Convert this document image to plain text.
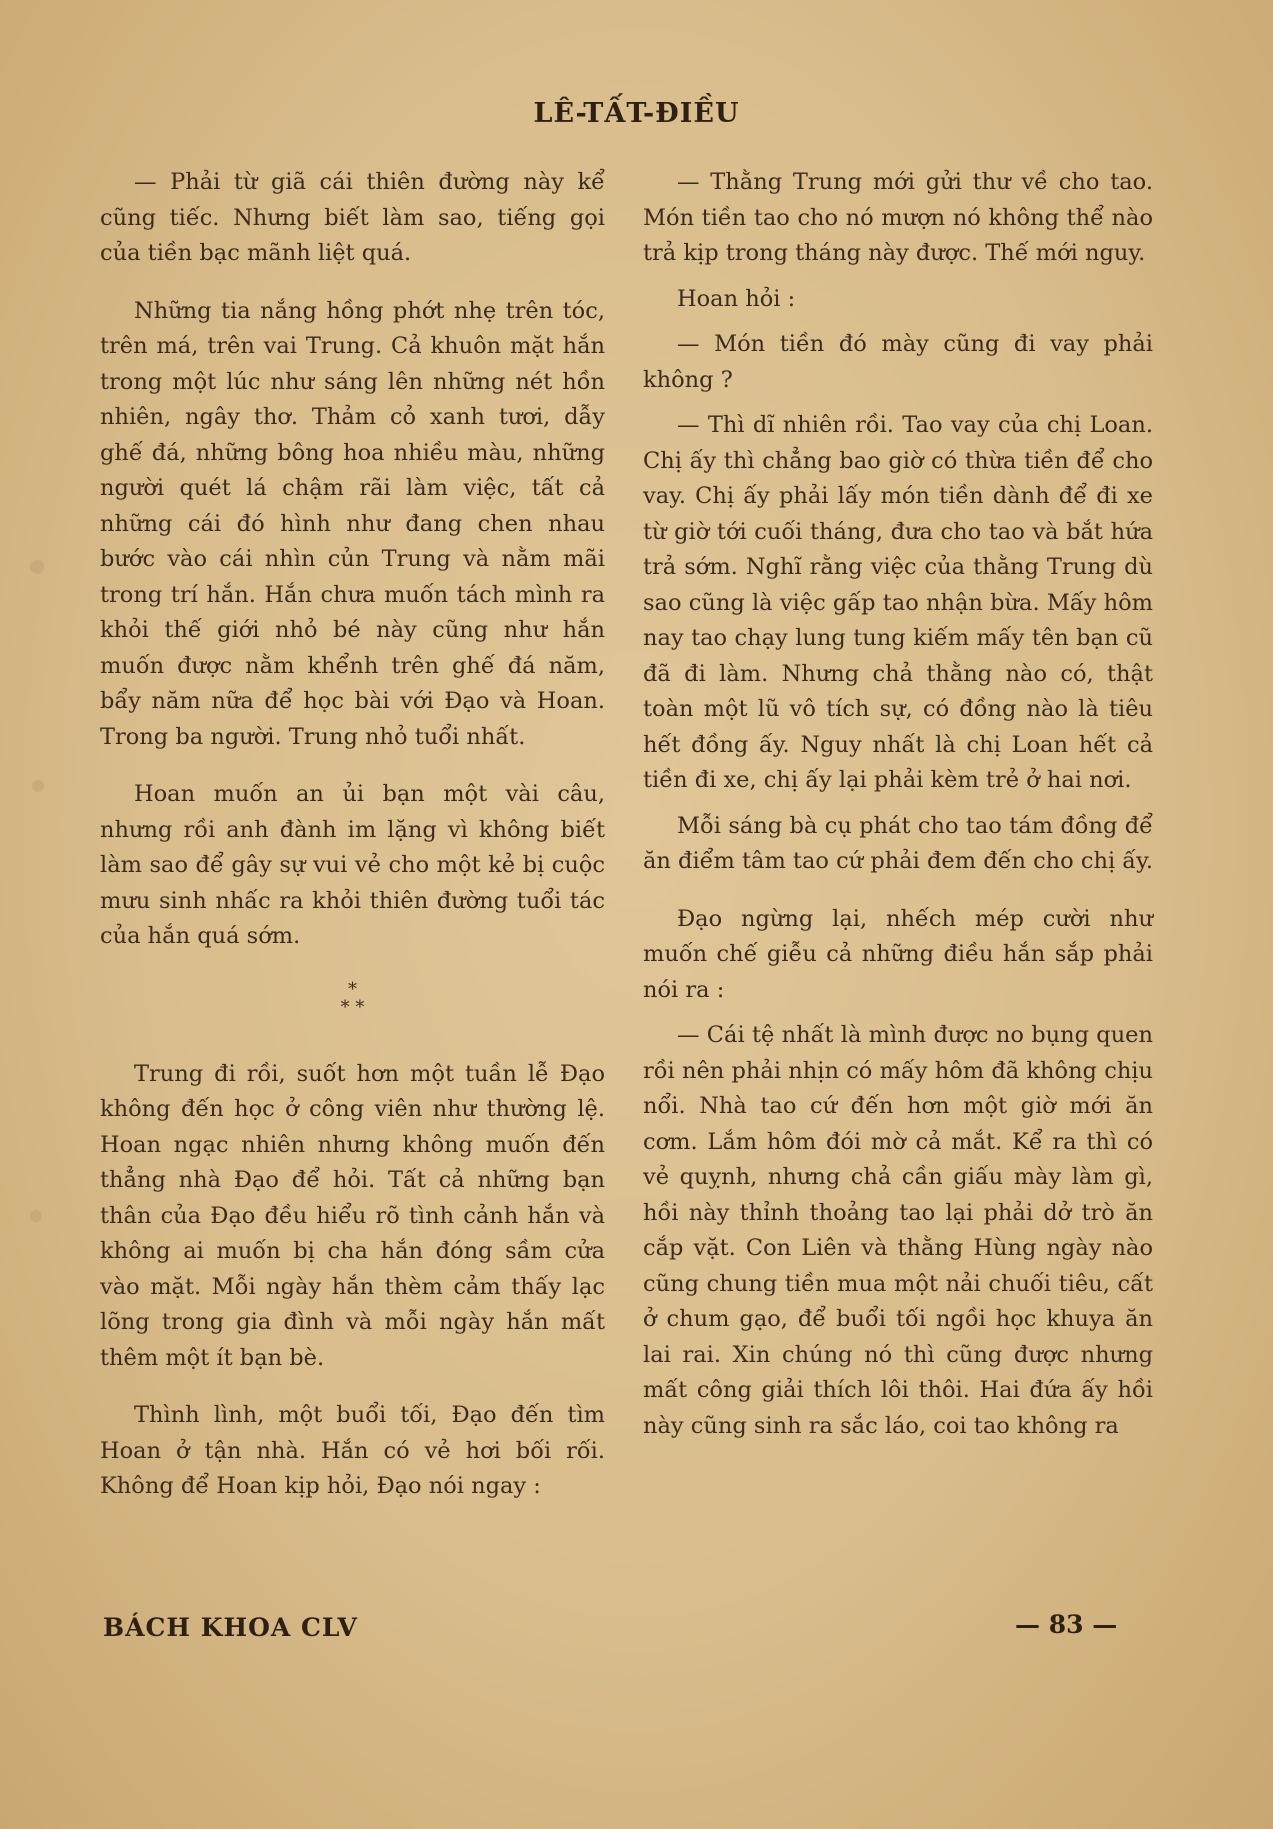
LÊ-TẤT-ĐIỀU

— Phải từ giã cái thiên đường này kể cũng tiếc. Nhưng biết làm sao, tiếng gọi của tiền bạc mãnh liệt quá.

Những tia nắng hồng phớt nhẹ trên tóc, trên má, trên vai Trung. Cả khuôn mặt hắn trong một lúc như sáng lên những nét hồn nhiên, ngây thơ. Thảm cỏ xanh tươi, dẫy ghế đá, những bông hoa nhiều màu, những người quét lá chậm rãi làm việc, tất cả những cái đó hình như đang chen nhau bước vào cái nhìn củn Trung và nằm mãi trong trí hắn. Hắn chưa muốn tách mình ra khỏi thế giới nhỏ bé này cũng như hắn muốn được nằm khểnh trên ghế đá năm, bẩy năm nữa để học bài với Đạo và Hoan. Trong ba người. Trung nhỏ tuổi nhất.

Hoan muốn an ủi bạn một vài câu, nhưng rồi anh đành im lặng vì không biết làm sao để gây sự vui vẻ cho một kẻ bị cuộc mưu sinh nhấc ra khỏi thiên đường tuổi tác của hắn quá sớm.

*
* *

Trung đi rồi, suốt hơn một tuần lễ Đạo không đến học ở công viên như thường lệ. Hoan ngạc nhiên nhưng không muốn đến thẳng nhà Đạo để hỏi. Tất cả những bạn thân của Đạo đều hiểu rõ tình cảnh hắn và không ai muốn bị cha hắn đóng sầm cửa vào mặt. Mỗi ngày hắn thèm cảm thấy lạc lõng trong gia đình và mỗi ngày hắn mất thêm một ít bạn bè.

Thình lình, một buổi tối, Đạo đến tìm Hoan ở tận nhà. Hắn có vẻ hơi bối rối. Không để Hoan kịp hỏi, Đạo nói ngay :

— Thằng Trung mới gửi thư về cho tao. Món tiền tao cho nó mượn nó không thể nào trả kịp trong tháng này được. Thế mới nguy.

Hoan hỏi :

— Món tiền đó mày cũng đi vay phải không ?

— Thì dĩ nhiên rồi. Tao vay của chị Loan. Chị ấy thì chẳng bao giờ có thừa tiền để cho vay. Chị ấy phải lấy món tiền dành để đi xe từ giờ tới cuối tháng, đưa cho tao và bắt hứa trả sớm. Nghĩ rằng việc của thằng Trung dù sao cũng là việc gấp tao nhận bừa. Mấy hôm nay tao chạy lung tung kiếm mấy tên bạn cũ đã đi làm. Nhưng chả thằng nào có, thật toàn một lũ vô tích sự, có đồng nào là tiêu hết đồng ấy. Nguy nhất là chị Loan hết cả tiền đi xe, chị ấy lại phải kèm trẻ ở hai nơi.

Mỗi sáng bà cụ phát cho tao tám đồng để ăn điểm tâm tao cứ phải đem đến cho chị ấy.

Đạo ngừng lại, nhếch mép cười như muốn chế giễu cả những điều hắn sắp phải nói ra :

— Cái tệ nhất là mình được no bụng quen rồi nên phải nhịn có mấy hôm đã không chịu nổi. Nhà tao cứ đến hơn một giờ mới ăn cơm. Lắm hôm đói mờ cả mắt. Kể ra thì có vẻ quỵnh, nhưng chả cần giấu mày làm gì, hồi này thỉnh thoảng tao lại phải dở trò ăn cắp vặt. Con Liên và thằng Hùng ngày nào cũng chung tiền mua một nải chuối tiêu, cất ở chum gạo, để buổi tối ngồi học khuya ăn lai rai. Xin chúng nó thì cũng được nhưng mất công giải thích lôi thôi. Hai đứa ấy hồi này cũng sinh ra sắc láo, coi tao không ra

BÁCH KHOA CLV	— 83 —
